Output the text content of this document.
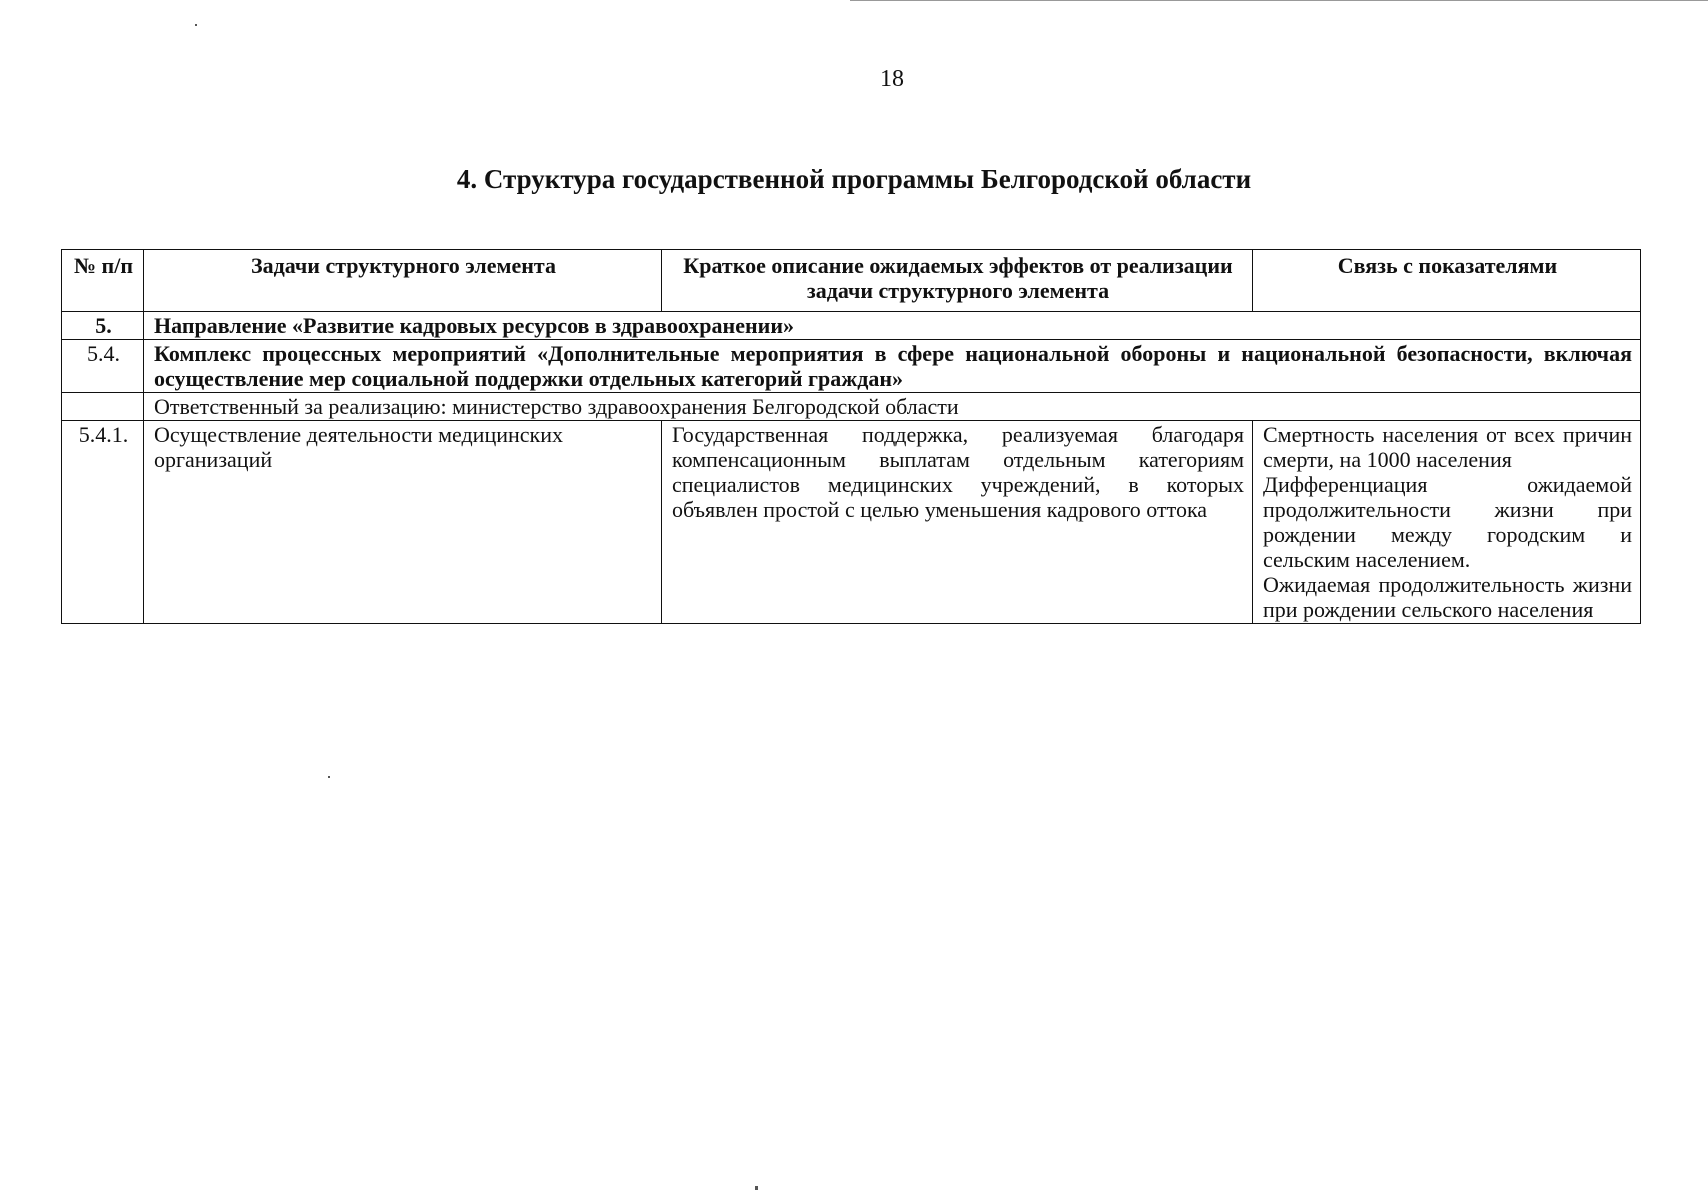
18
4. Структура государственной программы Белгородской области
№ п/п	Задачи структурного элемента	Краткое описание ожидаемых эффектов от реализации задачи структурного элемента	Связь с показателями
5.	Направление «Развитие кадровых ресурсов в здравоохранении»		
5.4.	Комплекс процессных мероприятий «Дополнительные мероприятия в сфере национальной обороны и национальной безопасности, включая осуществление мер социальной поддержки отдельных категорий граждан»		
	Ответственный за реализацию: министерство здравоохранения Белгородской области		
5.4.1.	Осуществление деятельности медицинских организаций	Государственная поддержка, реализуемая благодаря компенсационным выплатам отдельным категориям специалистов медицинских учреждений, в которых объявлен простой с целью уменьшения кадрового оттока	Смертность населения от всех причин смерти, на 1000 населения
Дифференциация ожидаемой продолжительности жизни при рождении между городским и сельским населением.
Ожидаемая продолжительность жизни при рождении сельского населения
